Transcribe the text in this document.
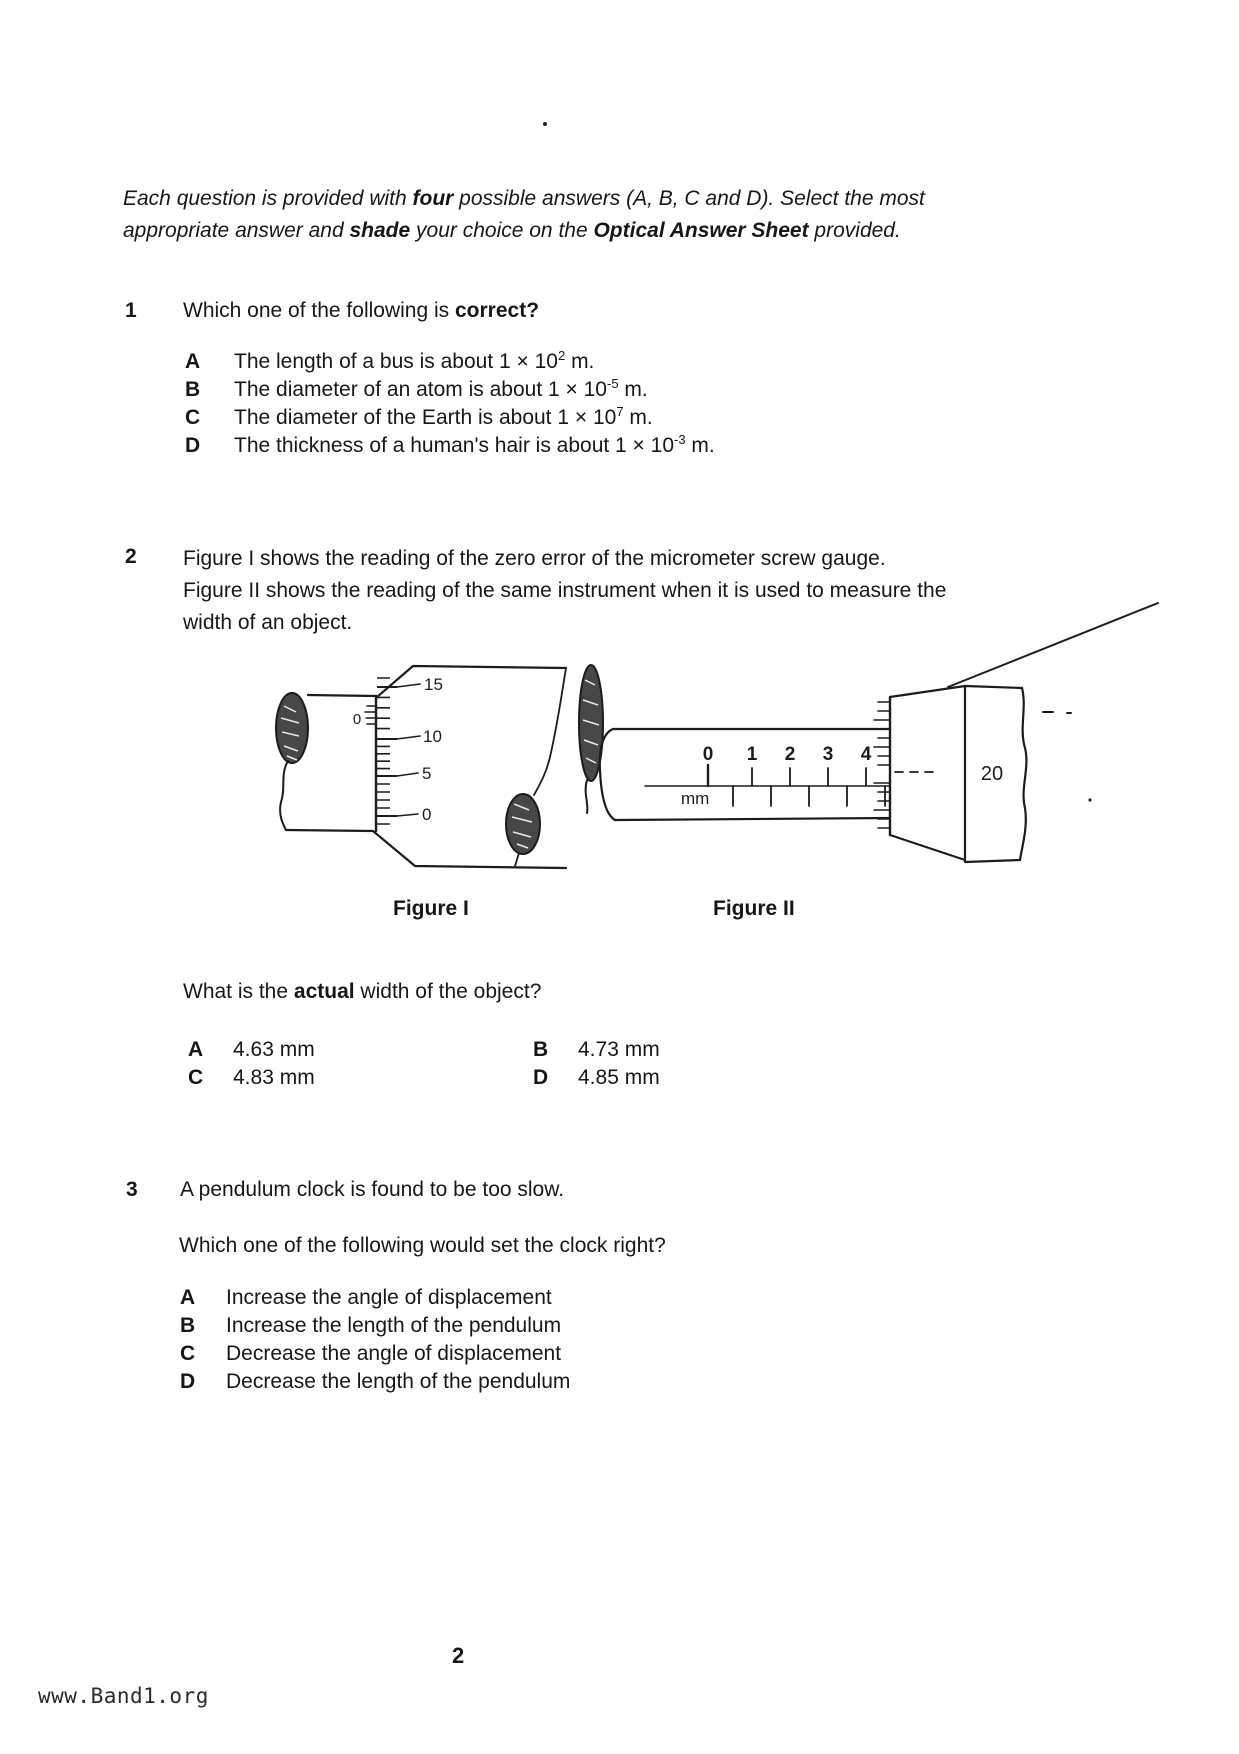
Each question is provided with four possible answers (A, B, C and D). Select the most appropriate answer and shade your choice on the Optical Answer Sheet provided.
1 Which one of the following is correct?
A	The length of a bus is about $1 \times 10^2$ m.
B	The diameter of an atom is about $1 \times 10^{-5}$ m.
C	The diameter of the Earth is about $1 \times 10^7$ m.
D	The thickness of a human's hair is about $1 \times 10^{-3}$ m.
2 Figure I shows the reading of the zero error of the micrometer screw gauge.
Figure II shows the reading of the same instrument when it is used to measure the
width of an object.
0
15
10
5
0
0 1 2 3 4
mm
20
Figure I	Figure II
What is the actual width of the object?
A	4.63 mm	B	4.73 mm
C	4.83 mm	D	4.85 mm
3 A pendulum clock is found to be too slow.
Which one of the following would set the clock right?
A	Increase the angle of displacement
B	Increase the length of the pendulum
C	Decrease the angle of displacement
D	Decrease the length of the pendulum
2
www.Band1.org
